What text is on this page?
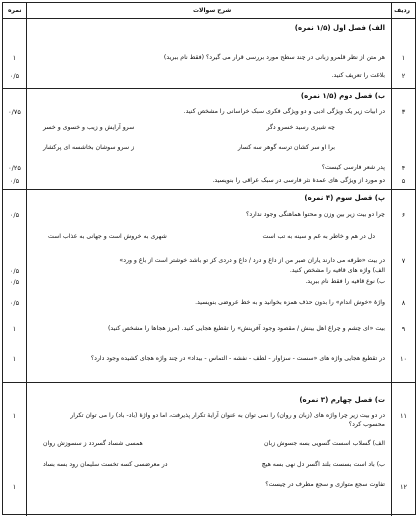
ردیف
شرح سوالات
نمره
الف) فصل اول (۱/۵ نمره)
۱
۱	هر متن از نظر قلمرو زبانی در چند سطح مورد بررسی قرار می گیرد؟ (فقط نام ببرید)
۲
۰/۵	بلاغت را تعریف کنید.
ب) فصل دوم (۱/۵ نمره)
۳
۰/۷۵	در ابیات زیر یک ویژگی ادبی و دو ویژگی فکری سبک خراسانی را مشخص کنید.
چه شیری رسید خسرو دگر
سرو آرایش و زیب و خسوی و خسر
برا او سر کشان ترسه گوهر سه کسار
ز سرو سوشان بخاشسه ای پرکشار
۴
۰/۲۵	پدر شعر فارسی کیست؟
۵
۰/۵	دو مورد از ویژگی های عمدهٔ نثر فارسی در سبک عراقی را بنویسید.
پ) فصل سوم (۴ نمره)
۶
۰/۵	چرا دو بیت زیر بین وزن و محتوا هماهنگی وجود ندارد؟
دل در هم و خاطر به غم و سینه به تب است
شهری به خروش است و جهانی به عذاب است
۷
در بیت «طرفه می دارند یاران صبر من از داغ و درد / داغ و دردی کز تو باشد خوشتر است از باغ و ورد»
۰/۵	الف) واژه های قافیه را مشخص کنید.
۰/۵	ب) نوع قافیه را فقط نام ببرید.
۸
۰/۵	واژهٔ «خوش اندام» را بدون حذف همزه بخوانید و به خط عروضی بنویسید.
۹
۱	بیت «ای چشم و چراغ اهل بینش / مقصود وجود آفرینش» را تقطیع هجایی کنید. (مرز هجاها را مشخص کنید)
۱۰
۱	در تقطیع هجایی واژه های «سست - سزاوار - لطف - نفشه - التماس - بیداد» در چند واژه هجای کشیده وجود دارد؟
ت) فصل چهارم (۳ نمره)
۱۱
۱	در دو بیت زیر چرا واژه های (زبان و روان) را نمی توان به عنوان آرایهٔ تکرار پذیرفت، اما دو واژهٔ (باد- باد) را می توان تکرار
محسوب کرد؟
الف) گسلاب اسست گسویی بسه جسوش زبان
همسی شساد گسردد ز سسوزش روان
ب) باد است بسست بلند اگسر دل نهی بسه هیچ
در معرضسی کسه تخست سلیمان رود بسه بساد
۱۲
۱	تفاوت سجع متوازی و سجع مطرف در چیست؟
